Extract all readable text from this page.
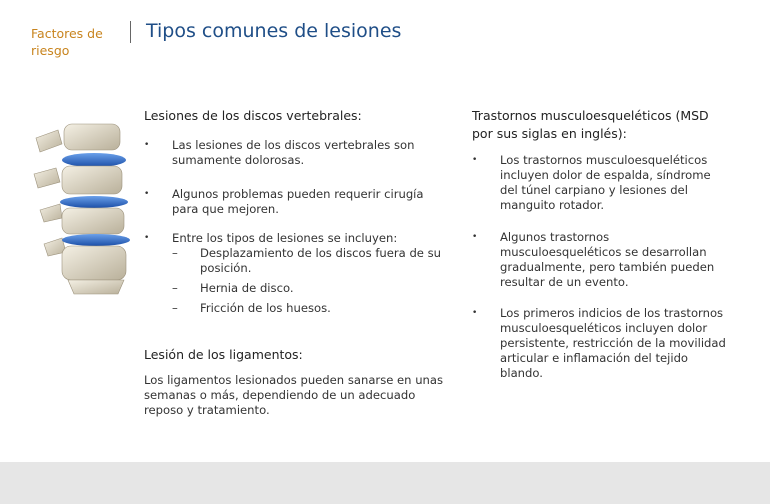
Factores de riesgo
Tipos comunes de lesiones
Lesiones de los discos vertebrales:
• Las lesiones de los discos vertebrales son sumamente dolorosas.
• Algunos problemas pueden requerir cirugía para que mejoren.
• Entre los tipos de lesiones se incluyen:
– Desplazamiento de los discos fuera de su posición.
– Hernia de disco.
– Fricción de los huesos.
Lesión de los ligamentos:
Los ligamentos lesionados pueden sanarse en unas semanas o más, dependiendo de un adecuado reposo y tratamiento.
Trastornos musculoesqueléticos (MSD por sus siglas en inglés):
• Los trastornos musculoesqueléticos incluyen dolor de espalda, síndrome del túnel carpiano y lesiones del manguito rotador.
• Algunos trastornos musculoesqueléticos se desarrollan gradualmente, pero también pueden resultar de un evento.
• Los primeros indicios de los trastornos musculoesqueléticos incluyen dolor persistente, restricción de la movilidad articular e inflamación del tejido blando.
